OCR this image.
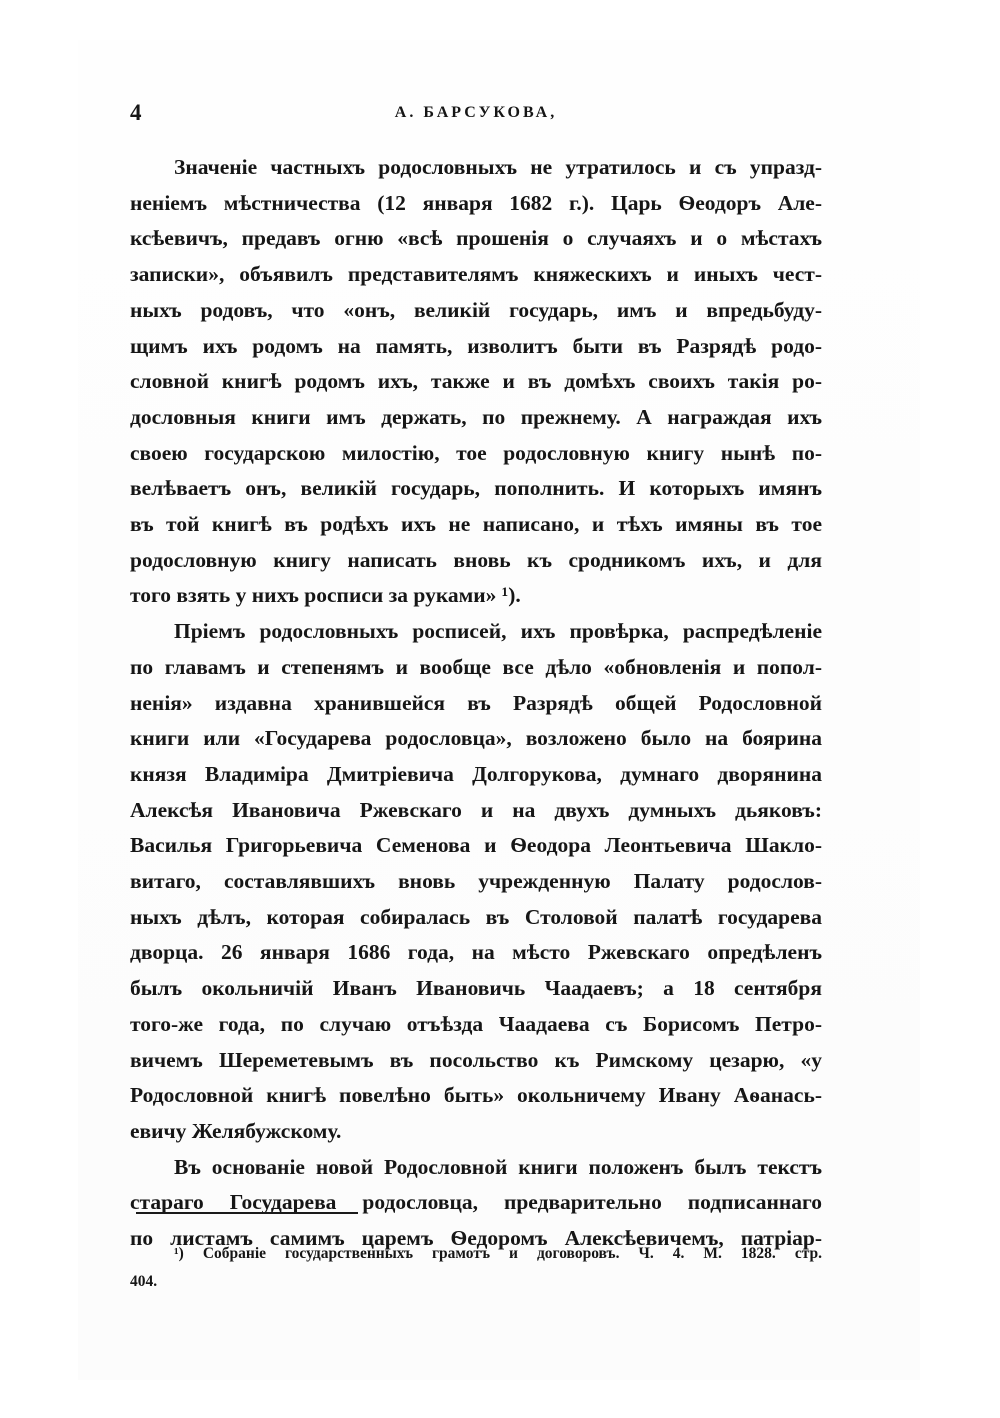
4	А. БАРСУКОВА,
Значеніе частныхъ родословныхъ не утратилось и съ упразд-
неніемъ мѣстничества (12 января 1682 г.). Царь Ѳеодоръ Але-
ксѣевичъ, предавъ огню «всѣ прошенія о случаяхъ и о мѣстахъ
записки», объявилъ представителямъ княжескихъ и иныхъ чест-
ныхъ родовъ, что «онъ, великій государь, имъ и впредьбуду-
щимъ ихъ родомъ на память, изволитъ быти въ Разрядѣ родо-
словной книгѣ родомъ ихъ, также и въ домѣхъ своихъ такія ро-
дословныя книги имъ держать, по прежнему. А награждая ихъ
своею государскою милостію, тое родословную книгу нынѣ по-
велѣваетъ онъ, великій государь, пополнить. И которыхъ имянъ
въ той книгѣ въ родѣхъ ихъ не написано, и тѣхъ имяны въ тое
родословную книгу написать вновь къ сродникомъ ихъ, и для
того взять у нихъ росписи за руками» ¹).
Пріемъ родословныхъ росписей, ихъ провѣрка, распредѣленіе
по главамъ и степенямъ и вообще все дѣло «обновленія и попол-
ненія» издавна хранившейся въ Разрядѣ общей Родословной
книги или «Государева родословца», возложено было на боярина
князя Владиміра Дмитріевича Долгорукова, думнаго дворянина
Алексѣя Ивановича Ржевскаго и на двухъ думныхъ дьяковъ:
Василья Григорьевича Семенова и Ѳеодора Леонтьевича Шакло-
витаго, составлявшихъ вновь учрежденную Палату родослов-
ныхъ дѣлъ, которая собиралась въ Столовой палатѣ государева
дворца. 26 января 1686 года, на мѣсто Ржевскаго опредѣленъ
былъ окольничій Иванъ Ивановичь Чаадаевъ; а 18 сентября
того-же года, по случаю отъѣзда Чаадаева съ Борисомъ Петро-
вичемъ Шереметевымъ въ посольство къ Римскому цезарю, «у
Родословной книгѣ повелѣно быть» окольничему Ивану Аѳанась-
евичу Желябужскому.
Въ основаніе новой Родословной книги положенъ былъ текстъ
стараго Государева родословца, предварительно подписаннаго
по листамъ самимъ царемъ Ѳедоромъ Алексѣевичемъ, патріар-
¹) Собраніе государственныхъ грамотъ и договоровъ. Ч. 4. М. 1828. стр.
404.
